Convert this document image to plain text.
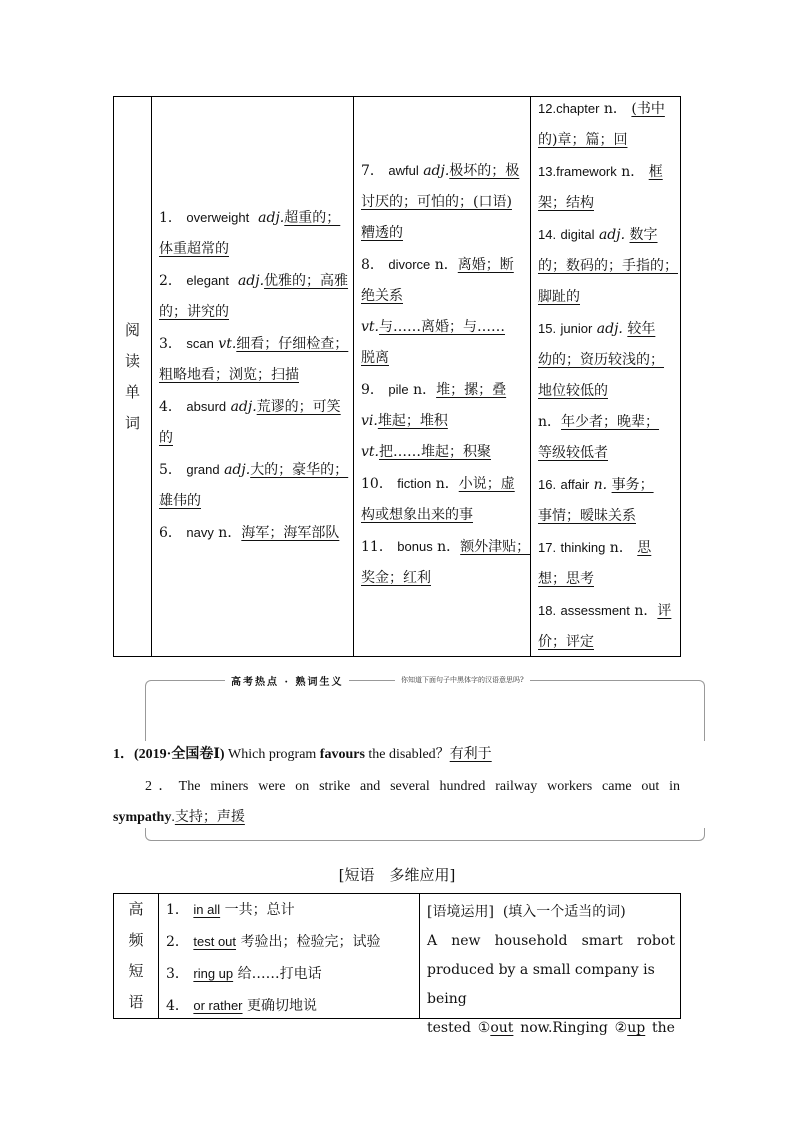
阅
读
单
词
1． overweight adj.超重的；
体重超常的
2． elegant adj.优雅的；高雅
的；讲究的
3． scan vt.细看；仔细检查；
粗略地看；浏览；扫描
4． absurd adj.荒谬的；可笑
的
5． grand adj.大的；豪华的；
雄伟的
6． navy n．海军；海军部队
7． awful adj.极坏的；极
讨厌的；可怕的；(口语)
糟透的
8． divorce n．离婚；断
绝关系
vt.与……离婚；与……
脱离
9． pile n．堆；摞；叠
vi.堆起；堆积
vt.把……堆起；积聚
10． fiction n．小说；虚
构或想象出来的事
11． bonus n．额外津贴；
奖金；红利
12.chapter n． (书中
的)章；篇；回
13.framework n． 框
架；结构
14. digital adj. 数字
的；数码的；手指的；
脚趾的
15. junior adj. 较年
幼的；资历较浅的；
地位较低的
n．年少者；晚辈；
等级较低者
16. affair n. 事务；
事情；暧昧关系
17. thinking n． 思
想；思考
18. assessment n．评
价；评定
高考热点 · 熟词生义	你知道下面句子中黑体字的汉语意思吗?
1．(2019·全国卷Ⅰ) Which program favours the disabled？有利于
2．The miners were on strike and several hundred railway workers came out in
sympathy.支持；声援
[短语　多维应用]
高
频
短
语
1． in all 一共；总计
2． test out 考验出；检验完；试验
3． ring up 给……打电话
4． or rather 更确切地说
[语境运用] (填入一个适当的词)
A new household smart robot
produced by a small company is being
tested ①out now.Ringing ②up the
